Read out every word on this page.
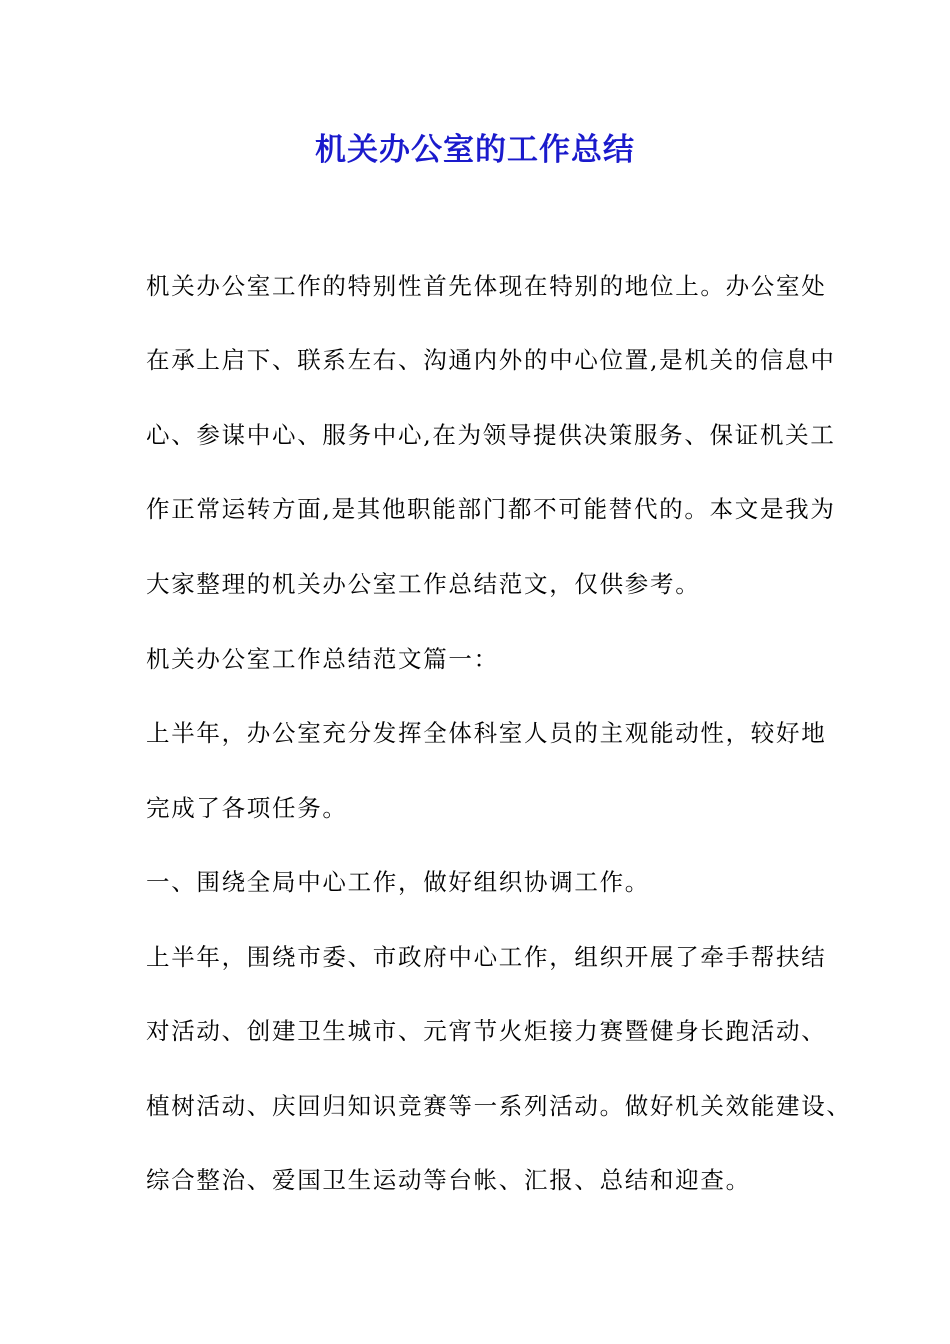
机关办公室的工作总结

机关办公室工作的特别性首先体现在特别的地位上。办公室处

在承上启下、联系左右、沟通内外的中心位置,是机关的信息中

心、参谋中心、服务中心,在为领导提供决策服务、保证机关工

作正常运转方面,是其他职能部门都不可能替代的。本文是我为

大家整理的机关办公室工作总结范文，仅供参考。

机关办公室工作总结范文篇一：

上半年，办公室充分发挥全体科室人员的主观能动性，较好地

完成了各项任务。

一、围绕全局中心工作，做好组织协调工作。

上半年，围绕市委、市政府中心工作，组织开展了牵手帮扶结

对活动、创建卫生城市、元宵节火炬接力赛暨健身长跑活动、

植树活动、庆回归知识竞赛等一系列活动。做好机关效能建设、

综合整治、爱国卫生运动等台帐、汇报、总结和迎查。
